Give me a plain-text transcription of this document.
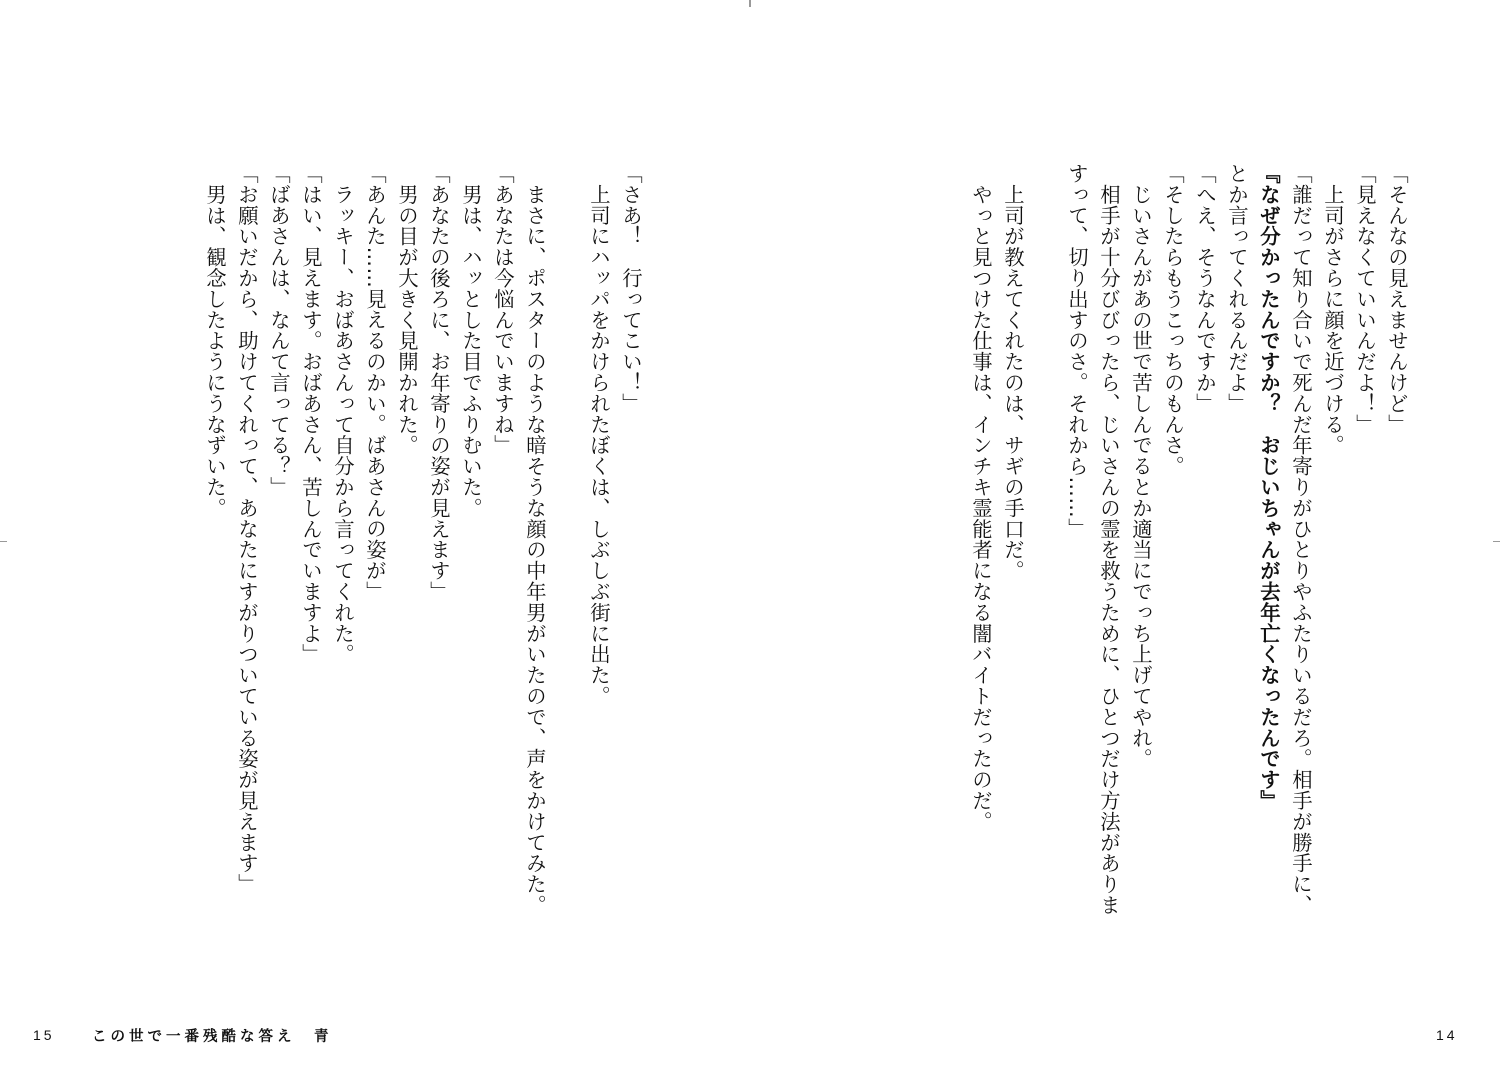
「そんなの見えませんけど」
「見えなくていいんだよ！」
　上司がさらに顔を近づける。
「誰だって知り合いで死んだ年寄りがひとりやふたりいるだろ。相手が勝手に、
『なぜ分かったんですか？　おじいちゃんが去年亡くなったんです』
とか言ってくれるんだよ」
「へえ、そうなんですか」
「そしたらもうこっちのもんさ。
　じいさんがあの世で苦しんでるとか適当にでっち上げてやれ。
　相手が十分びびったら、じいさんの霊を救うために、ひとつだけ方法がありま
すって、切り出すのさ。それから……」
　上司が教えてくれたのは、サギの手口だ。
　やっと見つけた仕事は、インチキ霊能者になる闇バイトだったのだ。
14
「さあ！　行ってこい！」
　上司にハッパをかけられたぼくは、しぶしぶ街に出た。
　まさに、ポスターのような暗そうな顔の中年男がいたので、声をかけてみた。
「あなたは今悩んでいますね」
　男は、ハッとした目でふりむいた。
「あなたの後ろに、お年寄りの姿が見えます」
　男の目が大きく見開かれた。
「あんた……見えるのかい。ばあさんの姿が」
　ラッキー、おばあさんって自分から言ってくれた。
「はい、見えます。おばあさん、苦しんでいますよ」
「ばあさんは、なんて言ってる？」
「お願いだから、助けてくれって、あなたにすがりついている姿が見えます」
　男は、観念したようにうなずいた。
15	この世で一番残酷な答え　青
